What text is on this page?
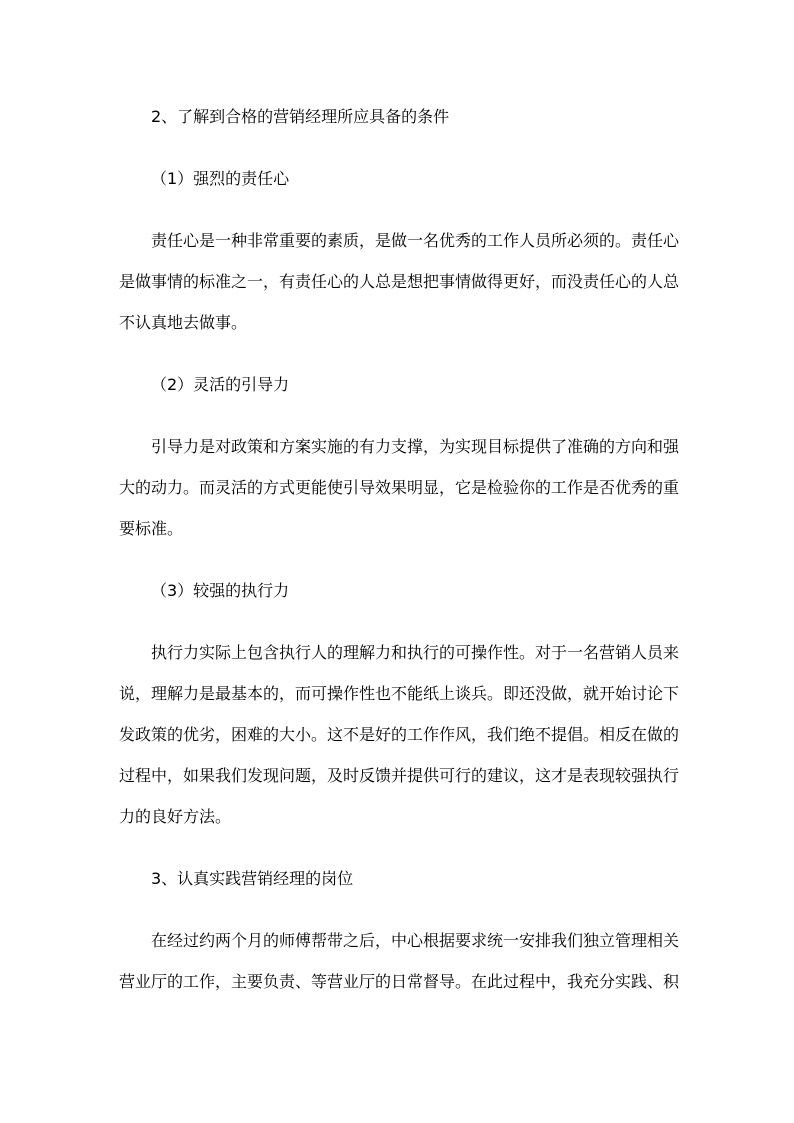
2、了解到合格的营销经理所应具备的条件

（1）强烈的责任心

责任心是一种非常重要的素质，是做一名优秀的工作人员所必须的。责任心

是做事情的标准之一，有责任心的人总是想把事情做得更好，而没责任心的人总

不认真地去做事。

（2）灵活的引导力

引导力是对政策和方案实施的有力支撑，为实现目标提供了准确的方向和强

大的动力。而灵活的方式更能使引导效果明显，它是检验你的工作是否优秀的重

要标准。

（3）较强的执行力

执行力实际上包含执行人的理解力和执行的可操作性。对于一名营销人员来

说，理解力是最基本的，而可操作性也不能纸上谈兵。即还没做，就开始讨论下

发政策的优劣，困难的大小。这不是好的工作作风，我们绝不提倡。相反在做的

过程中，如果我们发现问题，及时反馈并提供可行的建议，这才是表现较强执行

力的良好方法。

3、认真实践营销经理的岗位

在经过约两个月的师傅帮带之后，中心根据要求统一安排我们独立管理相关

营业厅的工作，主要负责、等营业厅的日常督导。在此过程中，我充分实践、积
